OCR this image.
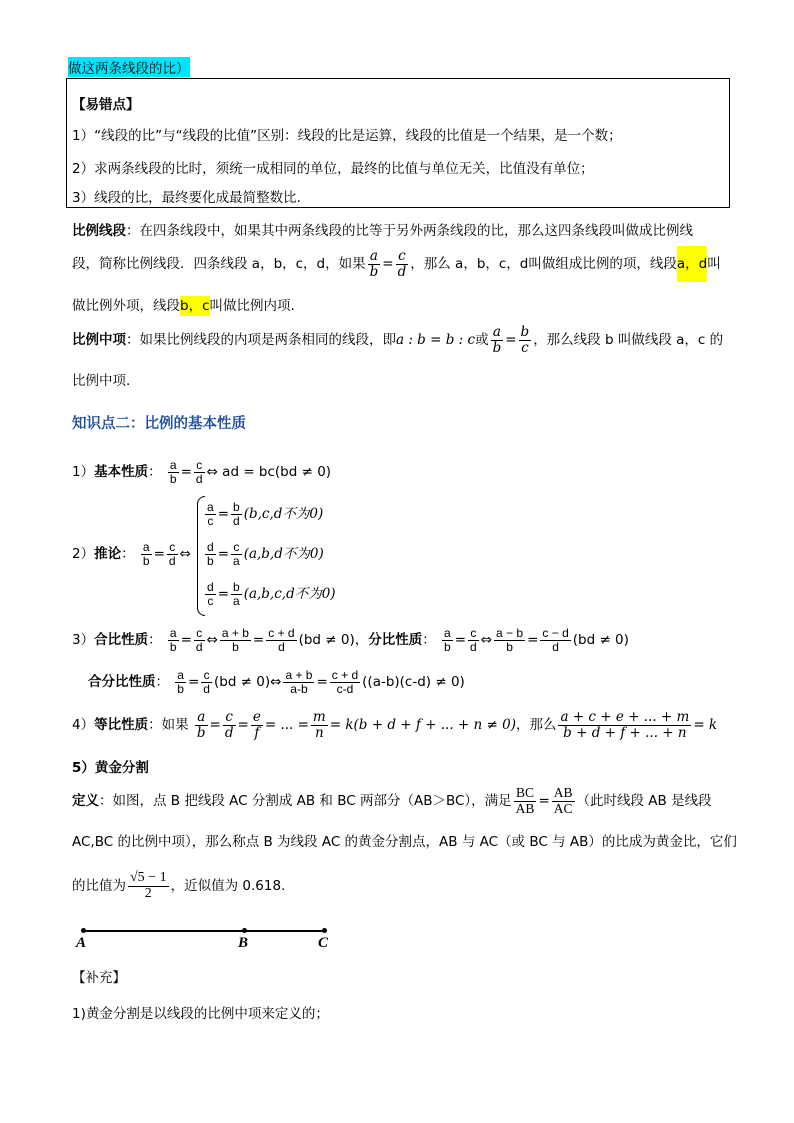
做这两条线段的比）
【易错点】
1）“线段的比”与“线段的比值”区别：线段的比是运算，线段的比值是一个结果，是一个数；
2）求两条线段的比时，须统一成相同的单位，最终的比值与单位无关，比值没有单位；
3）线段的比，最终要化成最简整数比.
比例线段：在四条线段中，如果其中两条线段的比等于另外两条线段的比，那么这四条线段叫做成比例线
段，简称比例线段．四条线段 a，b，c，d，如果 $\frac{a}{b} = \frac{c}{d}$ ，那么 a，b，c，d叫做组成比例的项，线段a，d叫
做比例外项，线段b，c叫做比例内项.
比例中项：如果比例线段的内项是两条相同的线段，即a : b = b : c或 $\frac{a}{b} = \frac{b}{c}$ ，那么线段 b 叫做线段 a，c 的
比例中项.
知识点二：比例的基本性质
1）基本性质： $\frac{a}{b} = \frac{c}{d}$ ⇔ ad = bc(bd ≠ 0)
2）推论： $\frac{a}{b} = \frac{c}{d}$ ⇔
$\frac{a}{c} = \frac{b}{d} (b,c,d$不为0)
$\frac{d}{b} = \frac{c}{a} (a,b,d$不为0)
$\frac{d}{c} = \frac{b}{a} (a,b,c,d$不为0)
3）合比性质： $\frac{a}{b} = \frac{c}{d}$ ⇔ $\frac{a + b}{b} = \frac{c + d}{d} (bd \ne 0)$，分比性质： $\frac{a}{b} = \frac{c}{d}$ ⇔ $\frac{a - b}{b} = \frac{c - d}{d} (bd \ne 0)$
合分比性质： $\frac{a}{b} = \frac{c}{d} (bd$ ≠ 0)⇔ $\frac{a + b}{a-b} = \frac{c + d}{c-d} ((a-b)(c-d) \ne 0)$
4）等比性质：如果 $\frac{a}{b} = \frac{c}{d} = \frac{e}{f}$ = ... = $\frac{m}{n} = k(b + d + f$ + ... + n ≠ 0)，那么 $\frac{a + c + e + ... + m}{b + d + f + ... + n} = k$
5）黄金分割
定义：如图，点 B 把线段 AC 分割成 AB 和 BC 两部分（AB＞BC），满足 $\frac{BC}{AB} = \frac{AB}{AC}$ （此时线段 AB 是线段
AC,BC 的比例中项），那么称点 B 为线段 AC 的黄金分割点，AB 与 AC（或 BC 与 AB）的比成为黄金比，它们
的比值为 $\frac{√5 - 1}{2}$ ，近似值为 0.618.
A	B	C
【补充】
1)黄金分割是以线段的比例中项来定义的；
